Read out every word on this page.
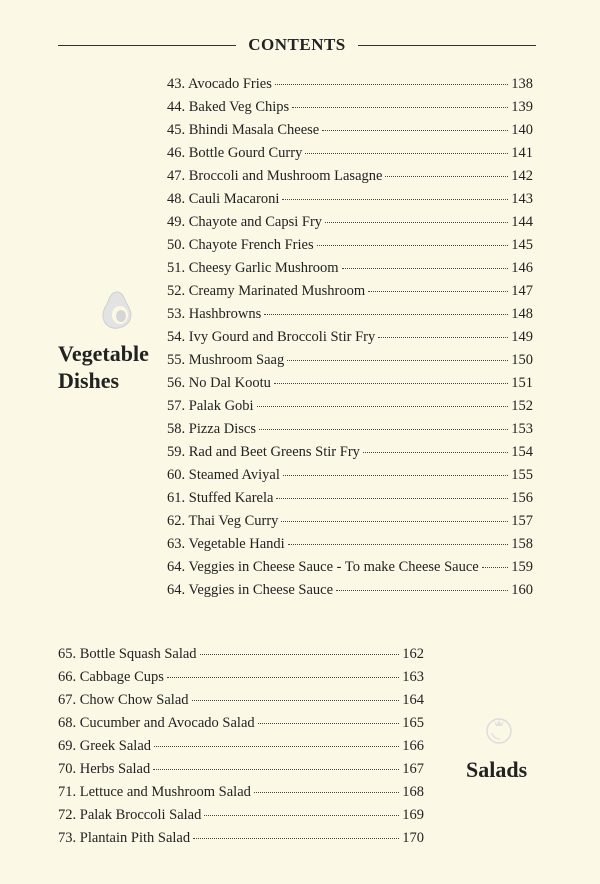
CONTENTS
Vegetable
Dishes
43. Avocado Fries	138
44. Baked Veg Chips	139
45. Bhindi Masala Cheese	140
46. Bottle Gourd Curry	141
47. Broccoli and Mushroom Lasagne	142
48. Cauli Macaroni	143
49. Chayote and Capsi Fry	144
50. Chayote French Fries	145
51. Cheesy Garlic Mushroom	146
52. Creamy Marinated Mushroom	147
53. Hashbrowns	148
54. Ivy Gourd and Broccoli Stir Fry	149
55. Mushroom Saag	150
56. No Dal Kootu	151
57. Palak Gobi	152
58. Pizza Discs	153
59. Rad and Beet Greens Stir Fry	154
60. Steamed Aviyal	155
61. Stuffed Karela	156
62. Thai Veg Curry	157
63. Vegetable Handi	158
64. Veggies in Cheese Sauce - To make Cheese Sauce 159
64. Veggies in Cheese Sauce	160
Salads
65. Bottle Squash Salad	162
66. Cabbage Cups	163
67. Chow Chow Salad	164
68. Cucumber and Avocado Salad	165
69. Greek Salad	166
70. Herbs Salad	167
71. Lettuce and Mushroom Salad	168
72. Palak Broccoli Salad	169
73. Plantain Pith Salad	170
